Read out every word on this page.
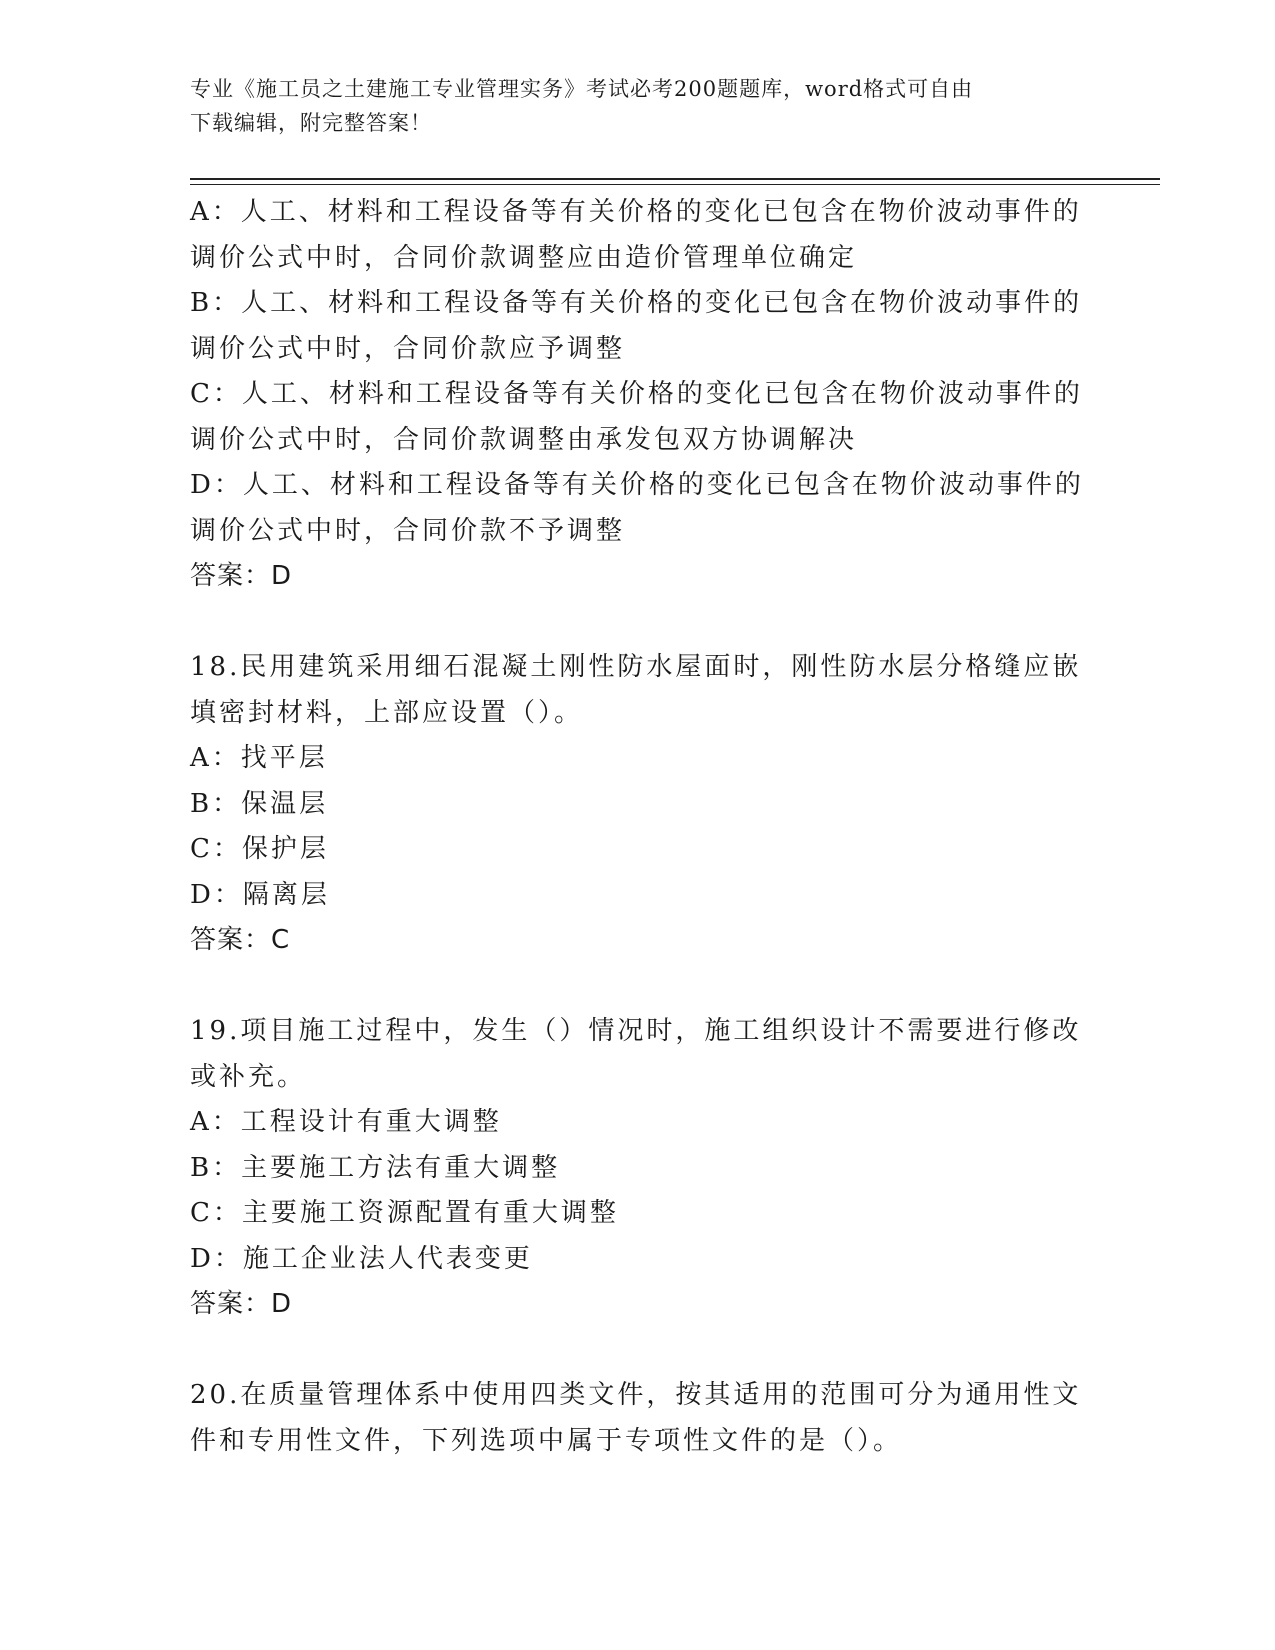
专业《施工员之土建施工专业管理实务》考试必考200题题库，word格式可自由
下载编辑，附完整答案！
A：人工、材料和工程设备等有关价格的变化已包含在物价波动事件的
调价公式中时，合同价款调整应由造价管理单位确定
B：人工、材料和工程设备等有关价格的变化已包含在物价波动事件的
调价公式中时，合同价款应予调整
C：人工、材料和工程设备等有关价格的变化已包含在物价波动事件的
调价公式中时，合同价款调整由承发包双方协调解决
D：人工、材料和工程设备等有关价格的变化已包含在物价波动事件的
调价公式中时，合同价款不予调整
答案：D
18.民用建筑采用细石混凝土刚性防水屋面时，刚性防水层分格缝应嵌
填密封材料，上部应设置（）。
A：找平层
B：保温层
C：保护层
D：隔离层
答案：C
19.项目施工过程中，发生（）情况时，施工组织设计不需要进行修改
或补充。
A：工程设计有重大调整
B：主要施工方法有重大调整
C：主要施工资源配置有重大调整
D：施工企业法人代表变更
答案：D
20.在质量管理体系中使用四类文件，按其适用的范围可分为通用性文
件和专用性文件，下列选项中属于专项性文件的是（）。
